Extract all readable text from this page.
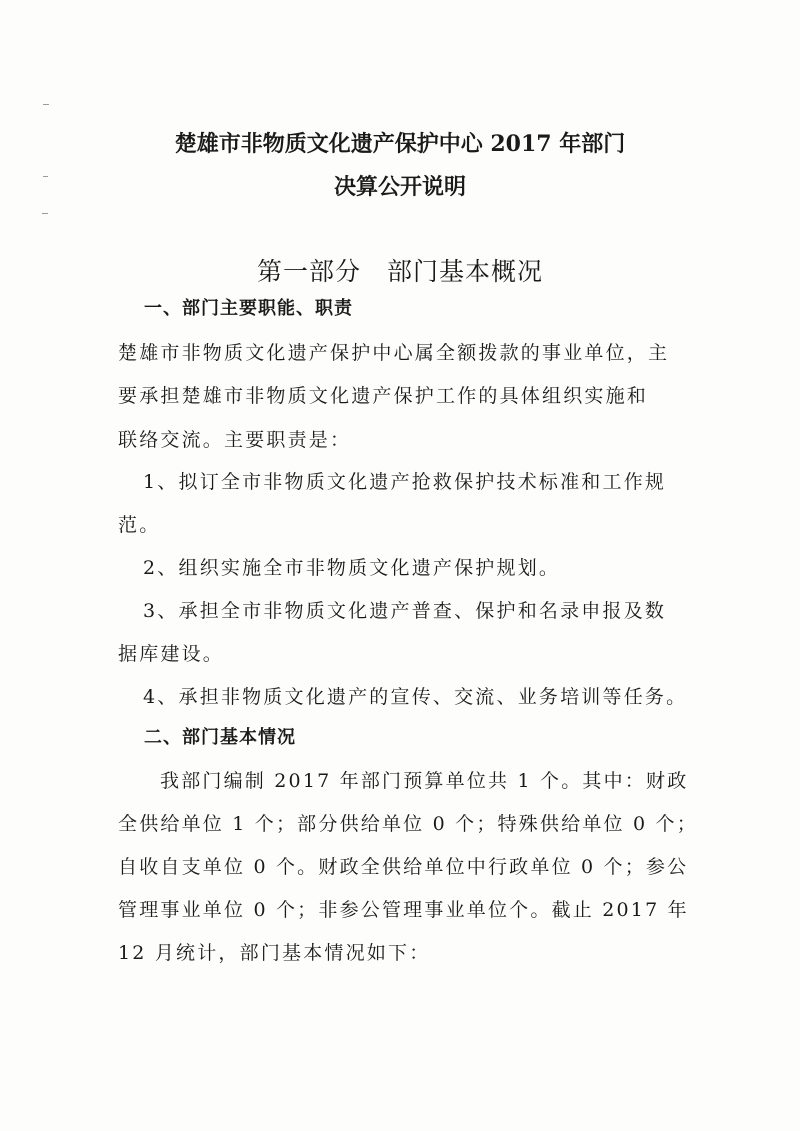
楚雄市非物质文化遗产保护中心 2017 年部门
决算公开说明
第一部分　部门基本概况
一、部门主要职能、职责
楚雄市非物质文化遗产保护中心属全额拨款的事业单位，主
要承担楚雄市非物质文化遗产保护工作的具体组织实施和
联络交流。主要职责是：
1、拟订全市非物质文化遗产抢救保护技术标准和工作规
范。
2、组织实施全市非物质文化遗产保护规划。
3、承担全市非物质文化遗产普查、保护和名录申报及数
据库建设。
4、承担非物质文化遗产的宣传、交流、业务培训等任务。
二、部门基本情况
我部门编制 2017 年部门预算单位共 1 个。其中：财政
全供给单位 1 个；部分供给单位 0 个；特殊供给单位 0 个；
自收自支单位 0 个。财政全供给单位中行政单位 0 个；参公
管理事业单位 0 个；非参公管理事业单位个。截止 2017 年
12 月统计，部门基本情况如下：
